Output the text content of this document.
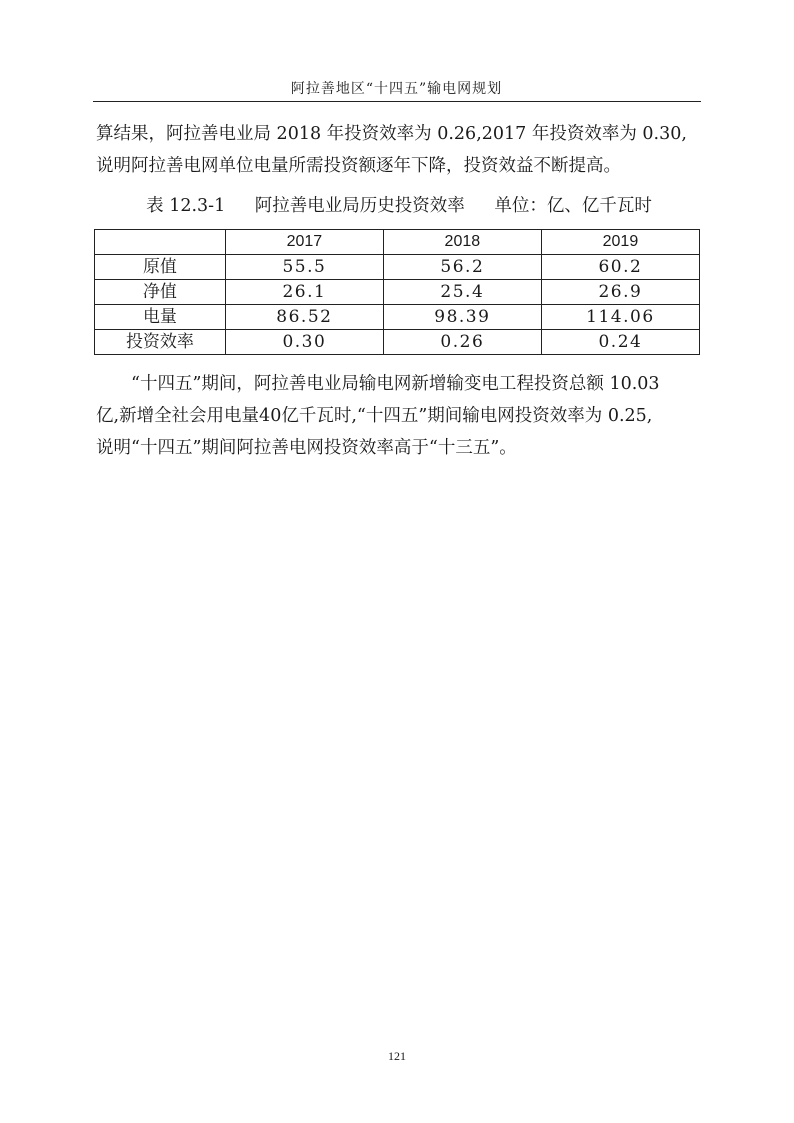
阿拉善地区“十四五”输电网规划
算结果，阿拉善电业局 2018 年投资效率为 0.26,2017 年投资效率为 0.30,
说明阿拉善电网单位电量所需投资额逐年下降，投资效益不断提高。
表 12.3-1 阿拉善电业局历史投资效率 单位：亿、亿千瓦时
	2017	2018	2019
原值	55.5	56.2	60.2
净值	26.1	25.4	26.9
电量	86.52	98.39	114.06
投资效率	0.30	0.26	0.24
　　“十四五”期间，阿拉善电业局输电网新增输变电工程投资总额 10.03
亿,新增全社会用电量40亿千瓦时,“十四五”期间输电网投资效率为 0.25,
说明“十四五”期间阿拉善电网投资效率高于“十三五”。
121
